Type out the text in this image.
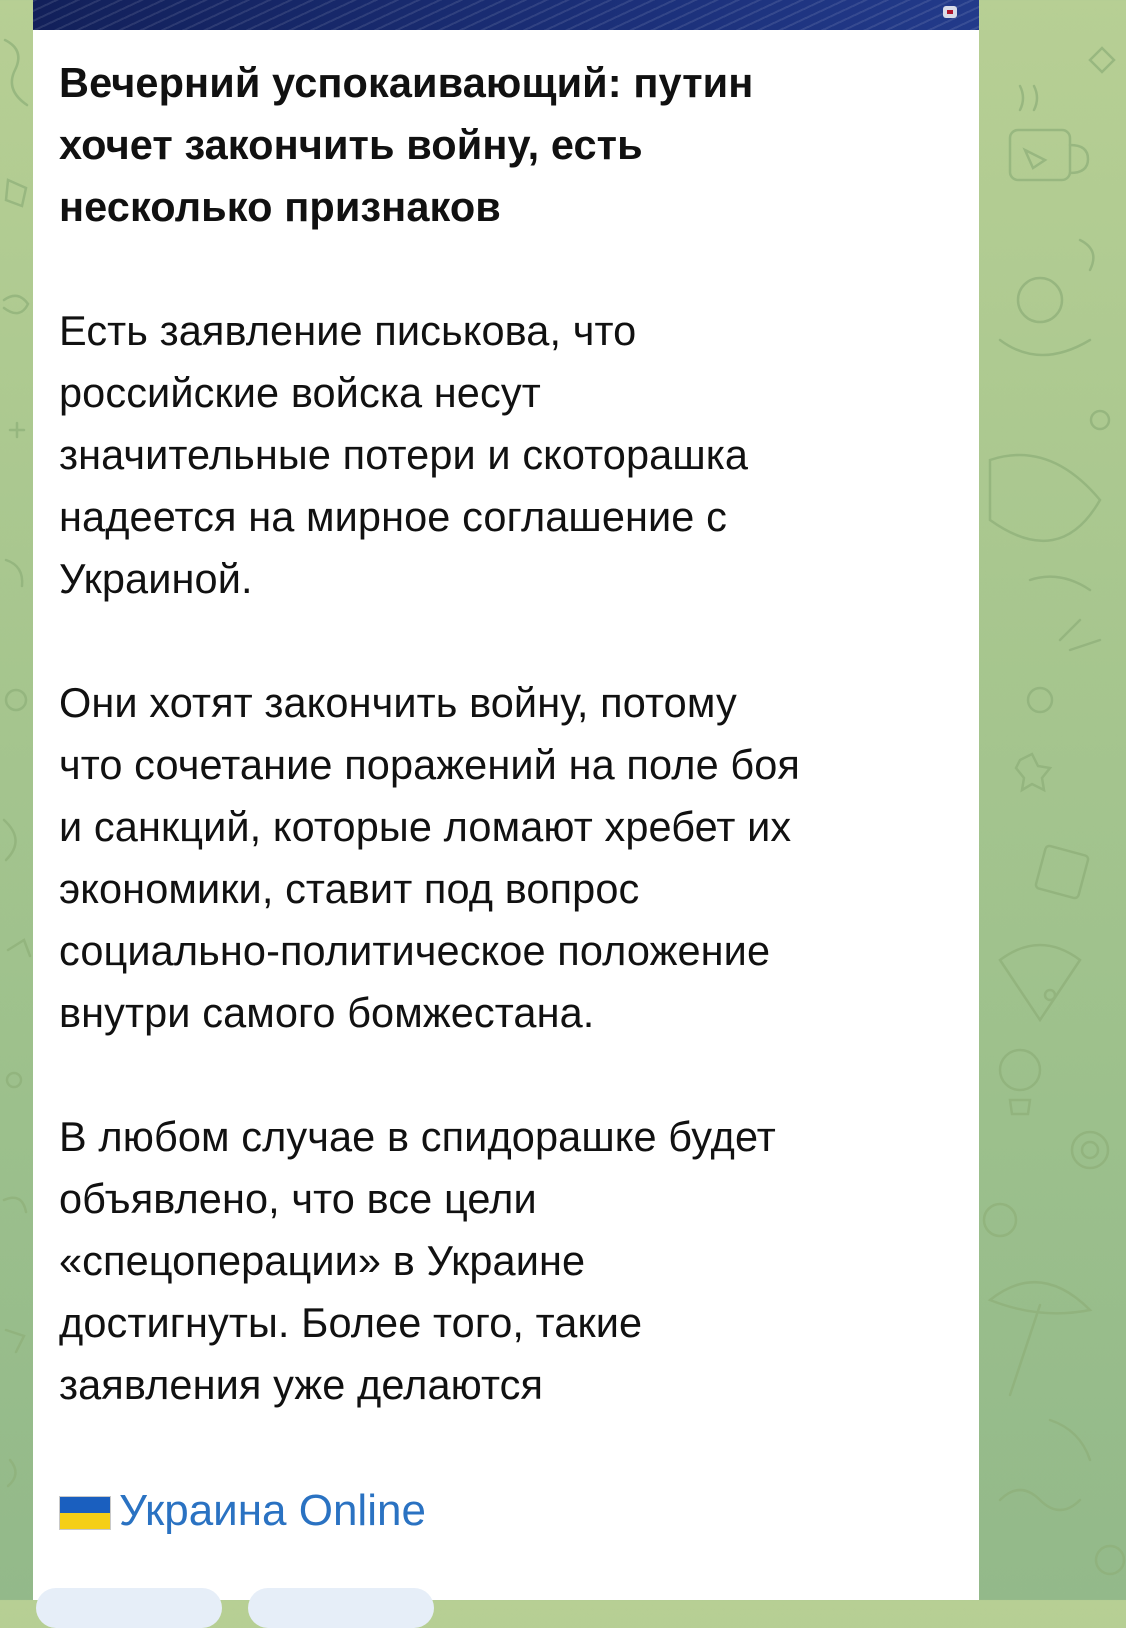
Вечерний успокаивающий: путин
хочет закончить войну, есть
несколько признаков
Есть заявление писькова, что
российские войска несут
значительные потери и скоторашка
надеется на мирное соглашение с
Украиной.
Они хотят закончить войну, потому
что сочетание поражений на поле боя
и санкций, которые ломают хребет их
экономики, ставит под вопрос
социально-политическое положение
внутри самого бомжестана.
В любом случае в спидорашке будет
объявлено, что все цели
«спецоперации» в Украине
достигнуты. Более того, такие
заявления уже делаются
Украина Online
